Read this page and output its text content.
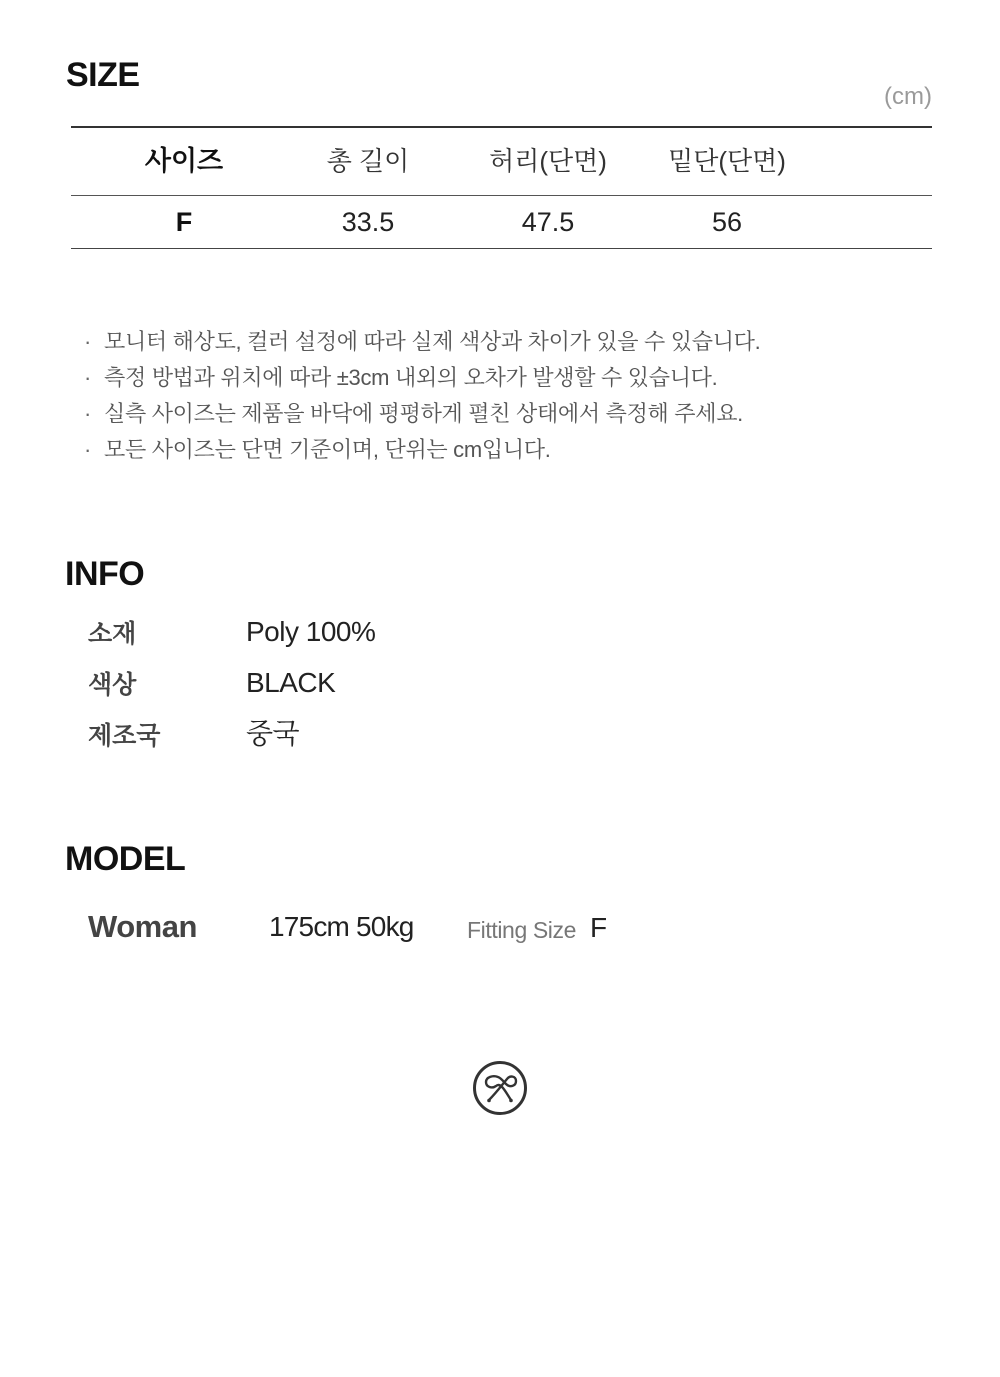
SIZE
(cm)
사이즈	총 길이	허리(단면)	밑단(단면)
F	33.5	47.5	56
· 모니터 해상도, 컬러 설정에 따라 실제 색상과 차이가 있을 수 있습니다.
· 측정 방법과 위치에 따라 ±3cm 내외의 오차가 발생할 수 있습니다.
· 실측 사이즈는 제품을 바닥에 평평하게 펼친 상태에서 측정해 주세요.
· 모든 사이즈는 단면 기준이며, 단위는 cm입니다.
INFO
소재	Poly 100%
색상	BLACK
제조국	중국
MODEL
Woman	175cm 50kg Fitting Size F
